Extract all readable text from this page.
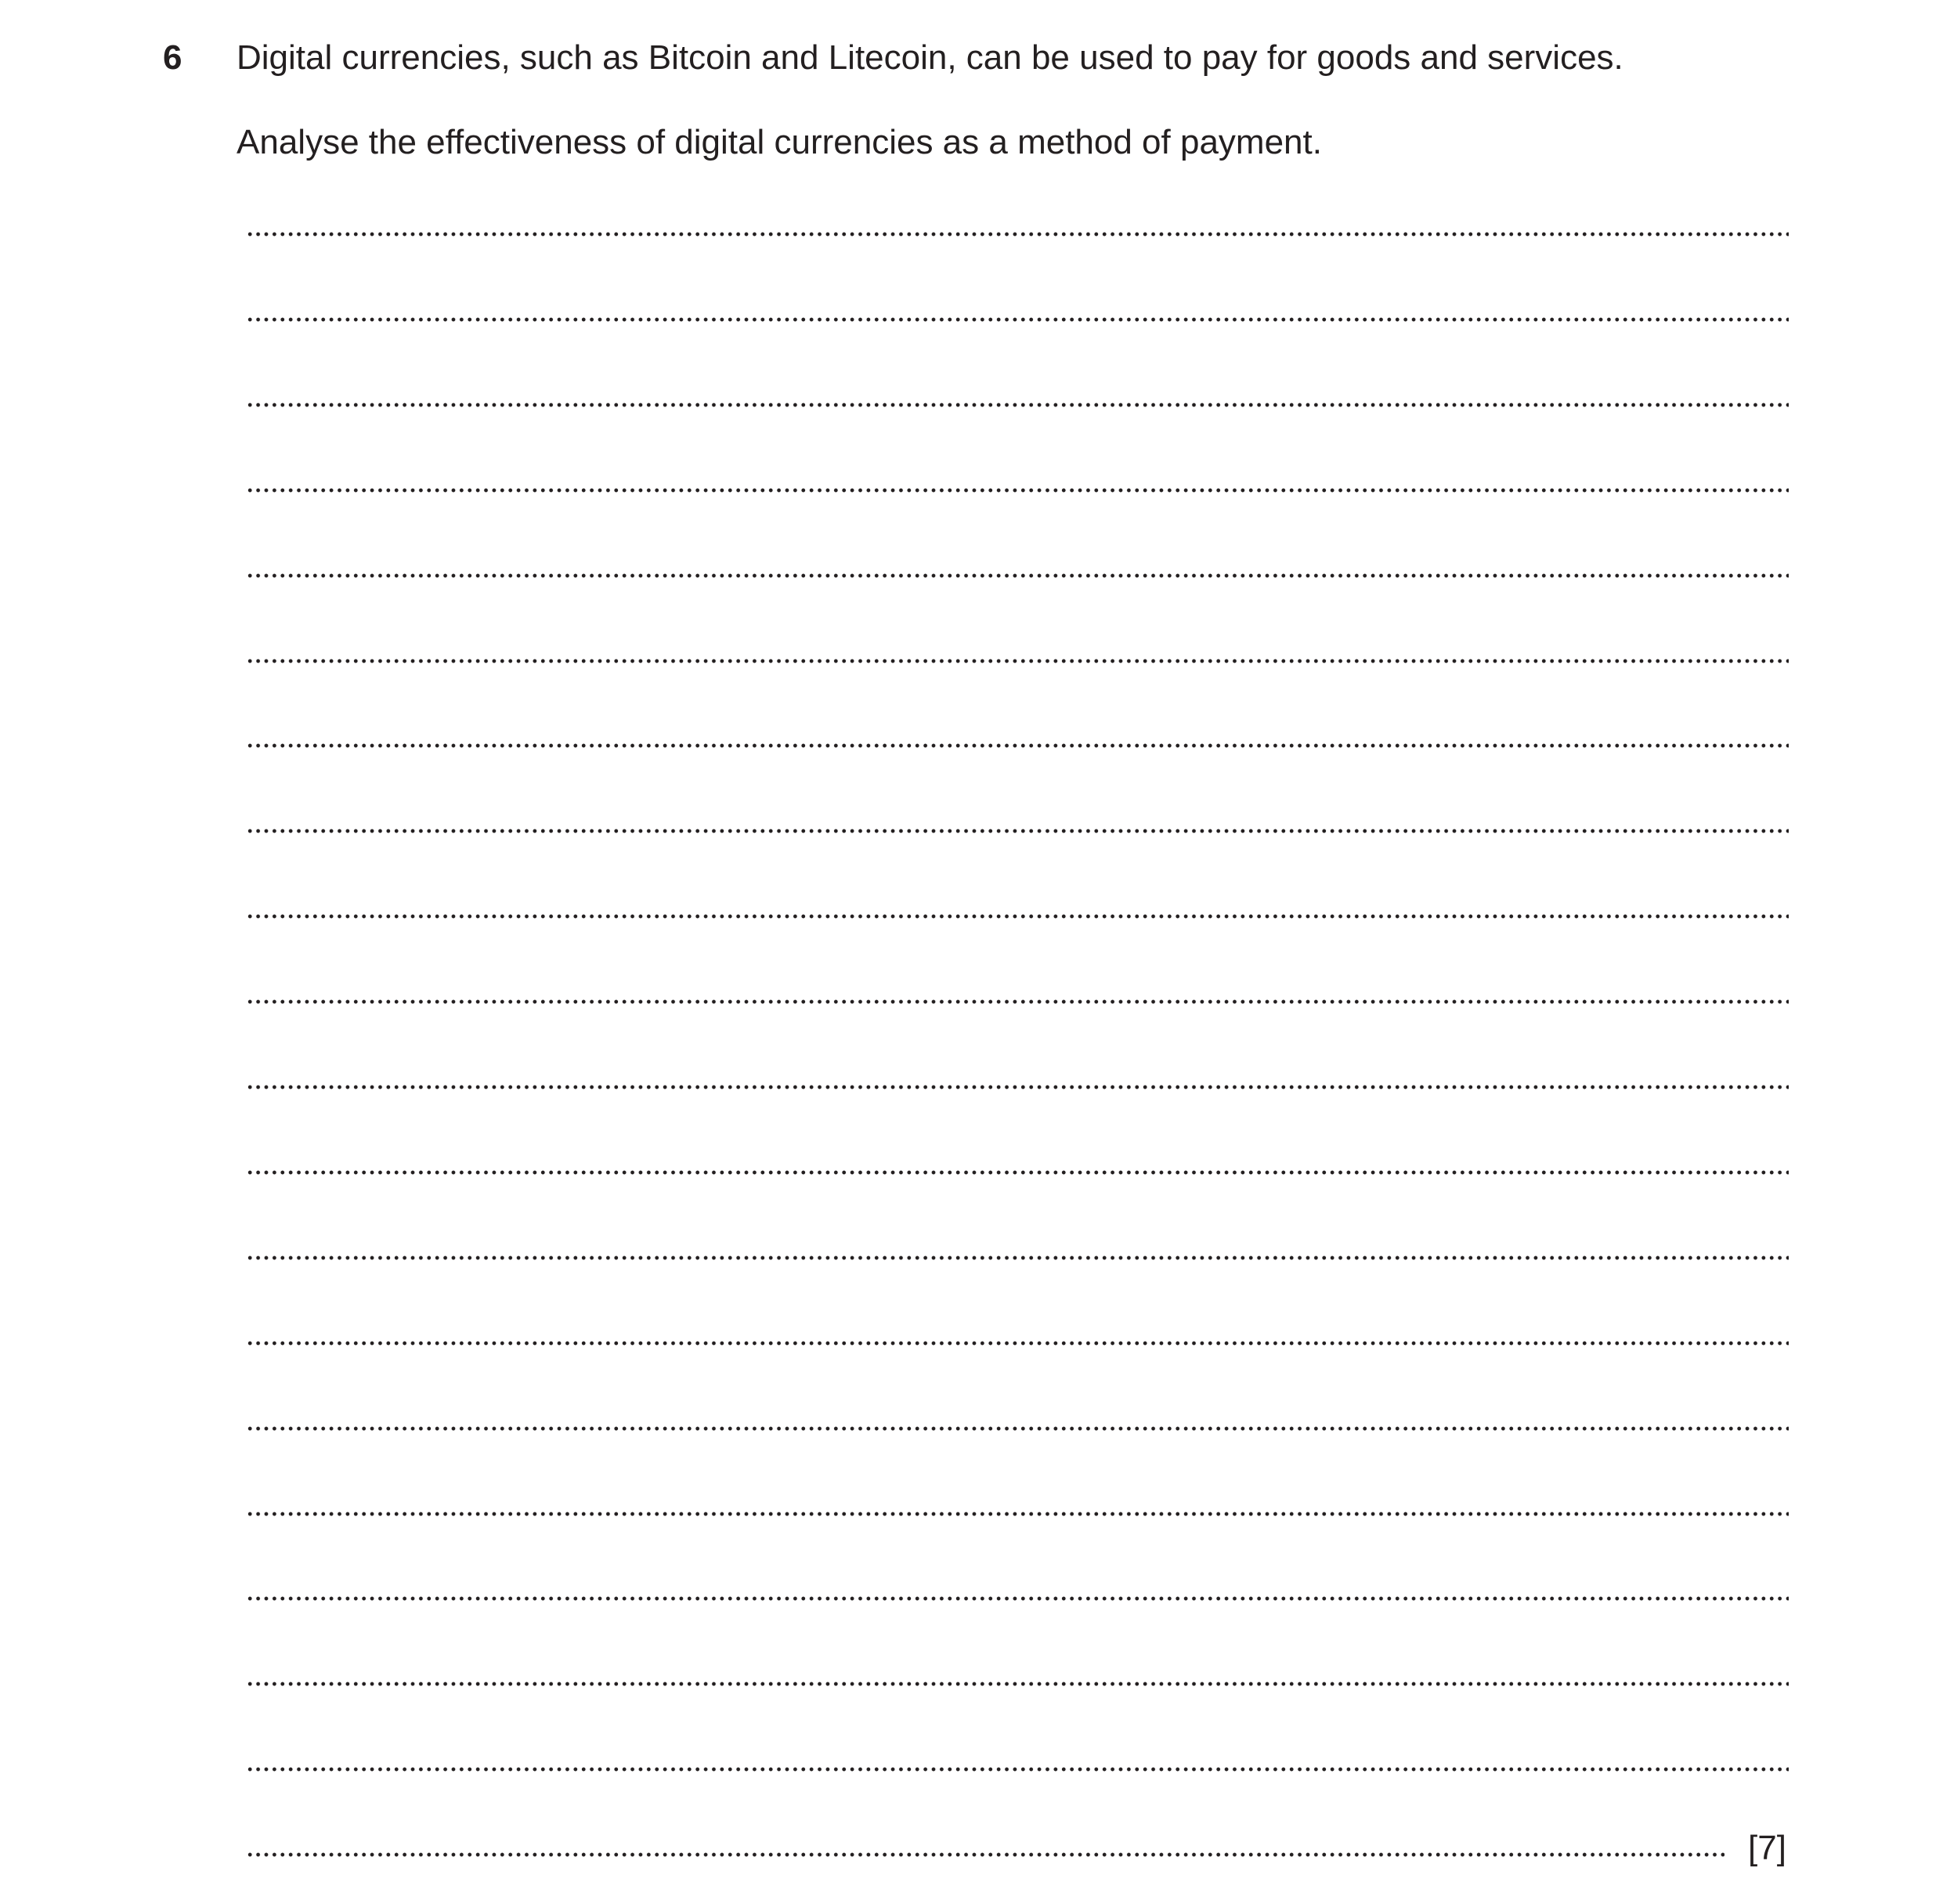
6 Digital currencies, such as Bitcoin and Litecoin, can be used to pay for goods and services.
Analyse the effectiveness of digital currencies as a method of payment.
[7]
